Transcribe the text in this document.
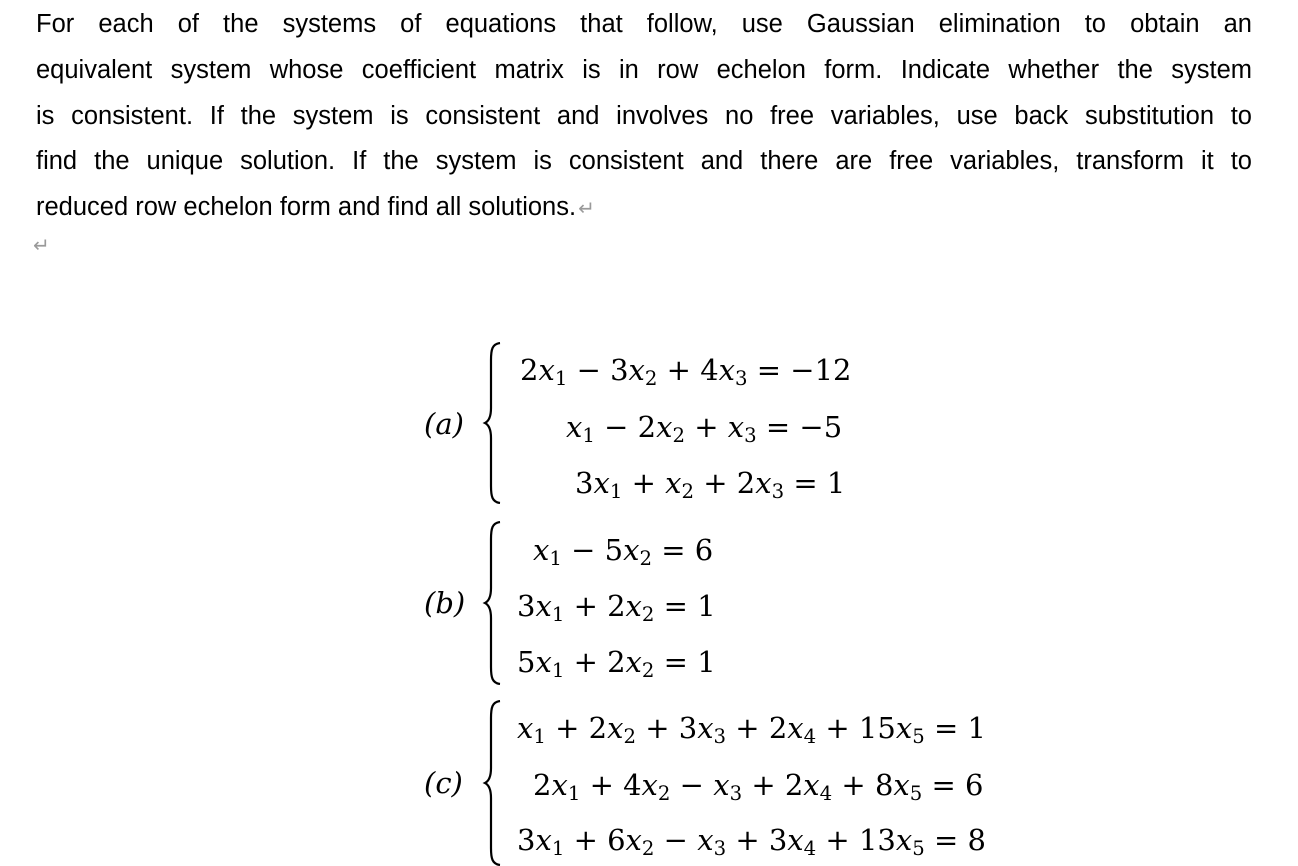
For each of the systems of equations that follow, use Gaussian elimination to obtain an
equivalent system whose coefficient matrix is in row echelon form. Indicate whether the system
is consistent. If the system is consistent and involves no free variables, use back substitution to
find the unique solution. If the system is consistent and there are free variables, transform it to
reduced row echelon form and find all solutions. ↵
↵
(a)
$2x_1 - 3x_2 + 4x_3 = -12$
$x_1 - 2x_2 + x_3 = -5$
$3x_1 + x_2 + 2x_3 = 1$
(b)
$x_1 - 5x_2 = 6$
$3x_1 + 2x_2 = 1$
$5x_1 + 2x_2 = 1$
(c)
$x_1 + 2x_2 + 3x_3 + 2x_4 + 15x_5 = 1$
$2x_1 + 4x_2 - x_3 + 2x_4 + 8x_5 = 6$
$3x_1 + 6x_2 - x_3 + 3x_4 + 13x_5 = 8$
